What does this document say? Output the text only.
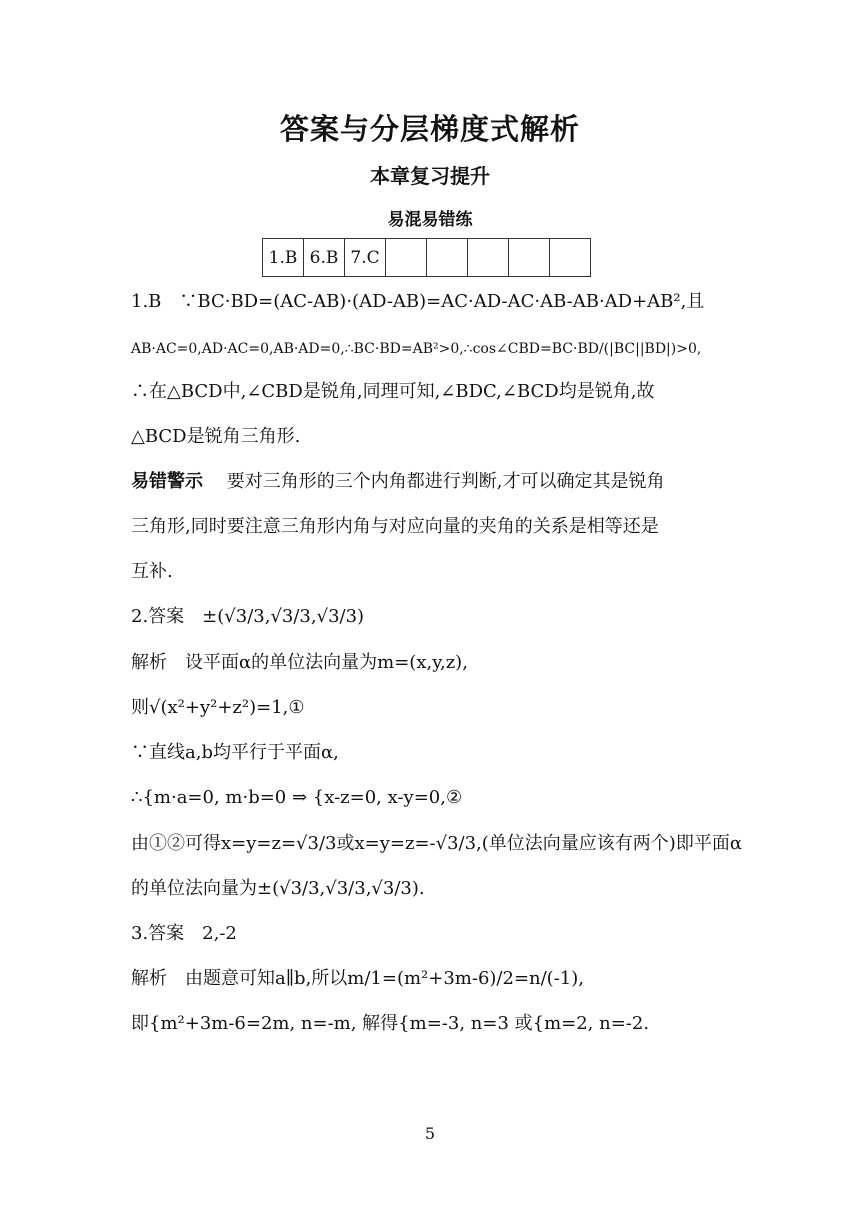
答案与分层梯度式解析
本章复习提升
易混易错练
1.B	6.B	7.C					
1.B　∵BC·BD=(AC-AB)·(AD-AB)=AC·AD-AC·AB-AB·AD+AB²,且
AB·AC=0,AD·AC=0,AB·AD=0,∴BC·BD=AB²>0,∴cos∠CBD=BC·BD/(|BC||BD|)>0,
∴在△BCD中,∠CBD是锐角,同理可知,∠BDC,∠BCD均是锐角,故
△BCD是锐角三角形.
易错警示 要对三角形的三个内角都进行判断,才可以确定其是锐角
三角形,同时要注意三角形内角与对应向量的夹角的关系是相等还是
互补.
2.答案　±(√3/3,√3/3,√3/3)
解析　设平面α的单位法向量为m=(x,y,z),
则√(x²+y²+z²)=1,①
∵直线a,b均平行于平面α,
∴{m·a=0, m·b=0 ⇒ {x-z=0, x-y=0,②
由①②可得x=y=z=√3/3或x=y=z=-√3/3,(单位法向量应该有两个)即平面α
的单位法向量为±(√3/3,√3/3,√3/3).
3.答案　2,-2
解析　由题意可知a∥b,所以m/1=(m²+3m-6)/2=n/(-1),
即{m²+3m-6=2m, n=-m, 解得{m=-3, n=3 或{m=2, n=-2.
5
